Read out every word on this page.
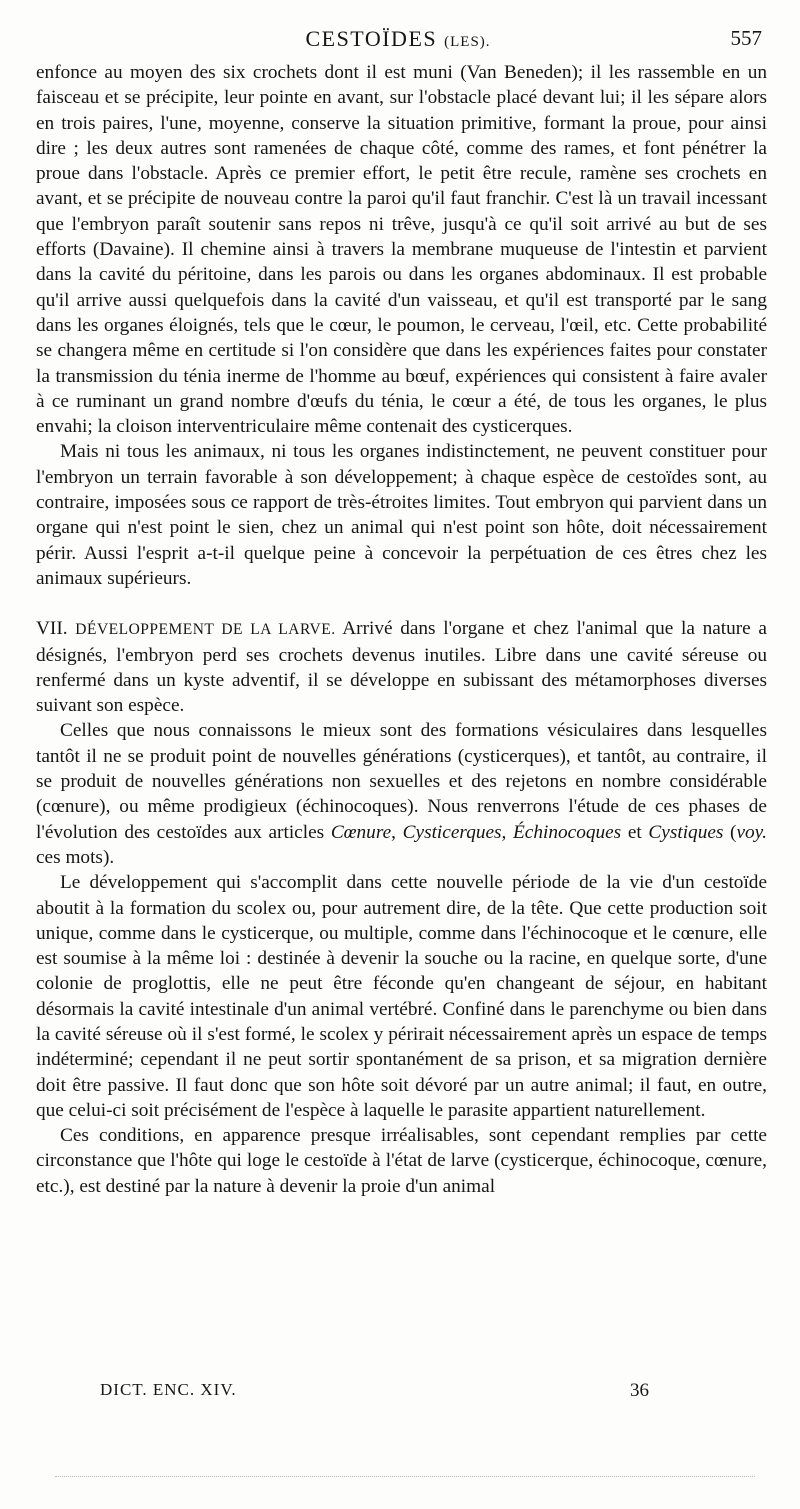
CESTOÏDES (LES).	557

enfonce au moyen des six crochets dont il est muni (Van Beneden); il les rassemble en un faisceau et se précipite, leur pointe en avant, sur l'obstacle placé devant lui; il les sépare alors en trois paires, l'une, moyenne, conserve la situation primitive, formant la proue, pour ainsi dire ; les deux autres sont ramenées de chaque côté, comme des rames, et font pénétrer la proue dans l'obstacle. Après ce premier effort, le petit être recule, ramène ses crochets en avant, et se précipite de nouveau contre la paroi qu'il faut franchir. C'est là un travail incessant que l'embryon paraît soutenir sans repos ni trêve, jusqu'à ce qu'il soit arrivé au but de ses efforts (Davaine). Il chemine ainsi à travers la membrane muqueuse de l'intestin et parvient dans la cavité du péritoine, dans les parois ou dans les organes abdominaux. Il est probable qu'il arrive aussi quelquefois dans la cavité d'un vaisseau, et qu'il est transporté par le sang dans les organes éloignés, tels que le cœur, le poumon, le cerveau, l'œil, etc. Cette probabilité se changera même en certitude si l'on considère que dans les expériences faites pour constater la transmission du ténia inerme de l'homme au bœuf, expériences qui consistent à faire avaler à ce ruminant un grand nombre d'œufs du ténia, le cœur a été, de tous les organes, le plus envahi; la cloison interventriculaire même contenait des cysticerques.

Mais ni tous les animaux, ni tous les organes indistinctement, ne peuvent constituer pour l'embryon un terrain favorable à son développement; à chaque espèce de cestoïdes sont, au contraire, imposées sous ce rapport de très-étroites limites. Tout embryon qui parvient dans un organe qui n'est point le sien, chez un animal qui n'est point son hôte, doit nécessairement périr. Aussi l'esprit a-t-il quelque peine à concevoir la perpétuation de ces êtres chez les animaux supérieurs.

VII. DÉVELOPPEMENT DE LA LARVE. Arrivé dans l'organe et chez l'animal que la nature a désignés, l'embryon perd ses crochets devenus inutiles. Libre dans une cavité séreuse ou renfermé dans un kyste adventif, il se développe en subissant des métamorphoses diverses suivant son espèce.

Celles que nous connaissons le mieux sont des formations vésiculaires dans lesquelles tantôt il ne se produit point de nouvelles générations (cysticerques), et tantôt, au contraire, il se produit de nouvelles générations non sexuelles et des rejetons en nombre considérable (cœnure), ou même prodigieux (échinocoques). Nous renverrons l'étude de ces phases de l'évolution des cestoïdes aux articles Cœnure, Cysticerques, Échinocoques et Cystiques (voy. ces mots).

Le développement qui s'accomplit dans cette nouvelle période de la vie d'un cestoïde aboutit à la formation du scolex ou, pour autrement dire, de la tête. Que cette production soit unique, comme dans le cysticerque, ou multiple, comme dans l'échinocoque et le cœnure, elle est soumise à la même loi : destinée à devenir la souche ou la racine, en quelque sorte, d'une colonie de proglottis, elle ne peut être féconde qu'en changeant de séjour, en habitant désormais la cavité intestinale d'un animal vertébré. Confiné dans le parenchyme ou bien dans la cavité séreuse où il s'est formé, le scolex y périrait nécessairement après un espace de temps indéterminé; cependant il ne peut sortir spontanément de sa prison, et sa migration dernière doit être passive. Il faut donc que son hôte soit dévoré par un autre animal; il faut, en outre, que celui-ci soit précisément de l'espèce à laquelle le parasite appartient naturellement.

Ces conditions, en apparence presque irréalisables, sont cependant remplies par cette circonstance que l'hôte qui loge le cestoïde à l'état de larve (cysticerque, échinocoque, cœnure, etc.), est destiné par la nature à devenir la proie d'un animal

DICT. ENC. XIV.	36
